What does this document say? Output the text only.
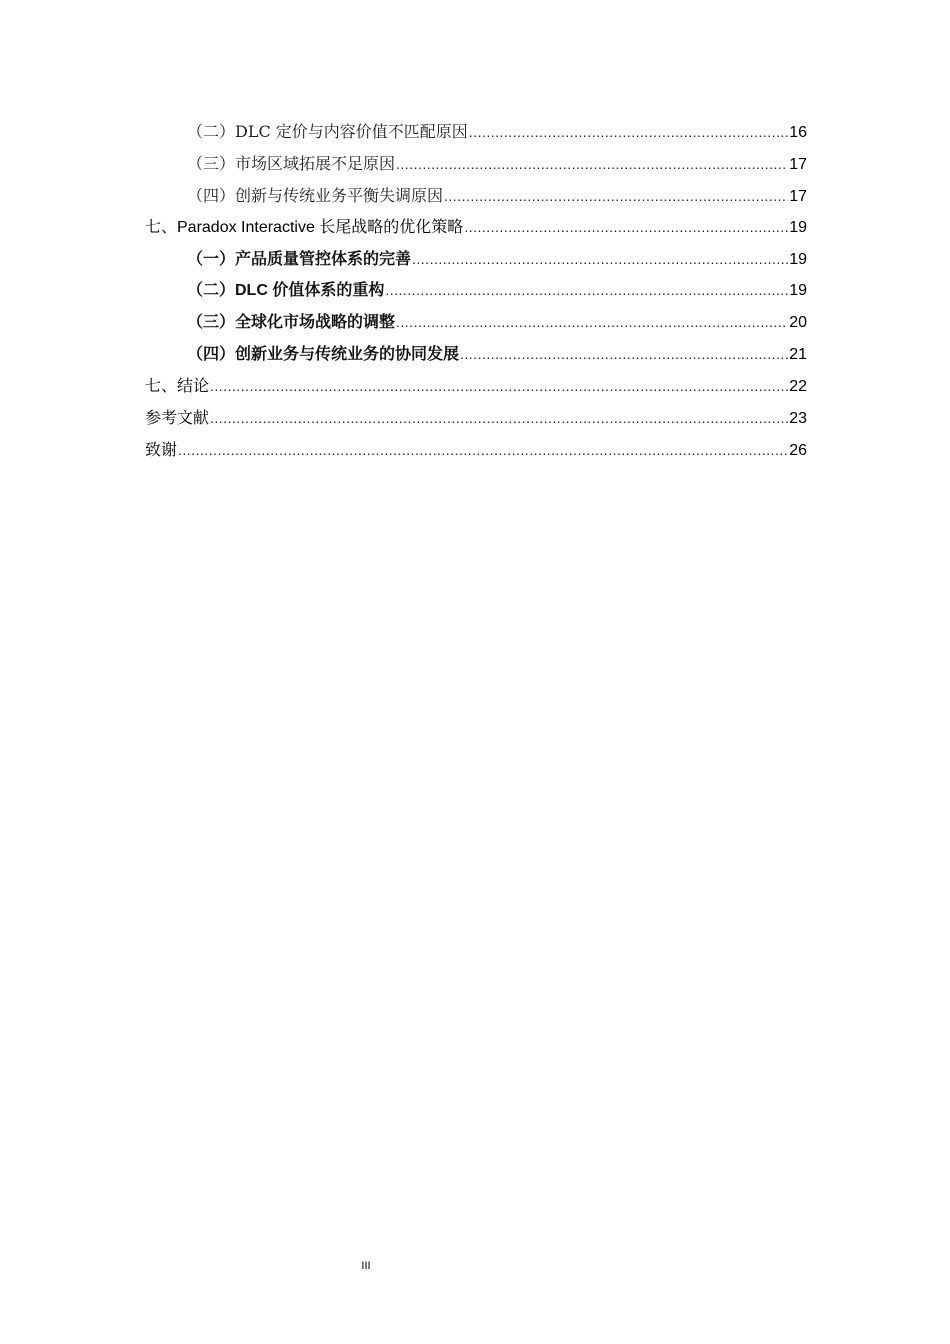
（二）DLC 定价与内容价值不匹配原因 .....	16
（三）市场区域拓展不足原因 .....	17
（四）创新与传统业务平衡失调原因 .....	17
七、Paradox Interactive 长尾战略的优化策略 .....	19
（一）产品质量管控体系的完善 .....	19
（二）DLC 价值体系的重构 .....	19
（三）全球化市场战略的调整 .....	20
（四）创新业务与传统业务的协同发展 .....	21
七、结论 .....	22
参考文献 .....	23
致谢 .....	26
III
